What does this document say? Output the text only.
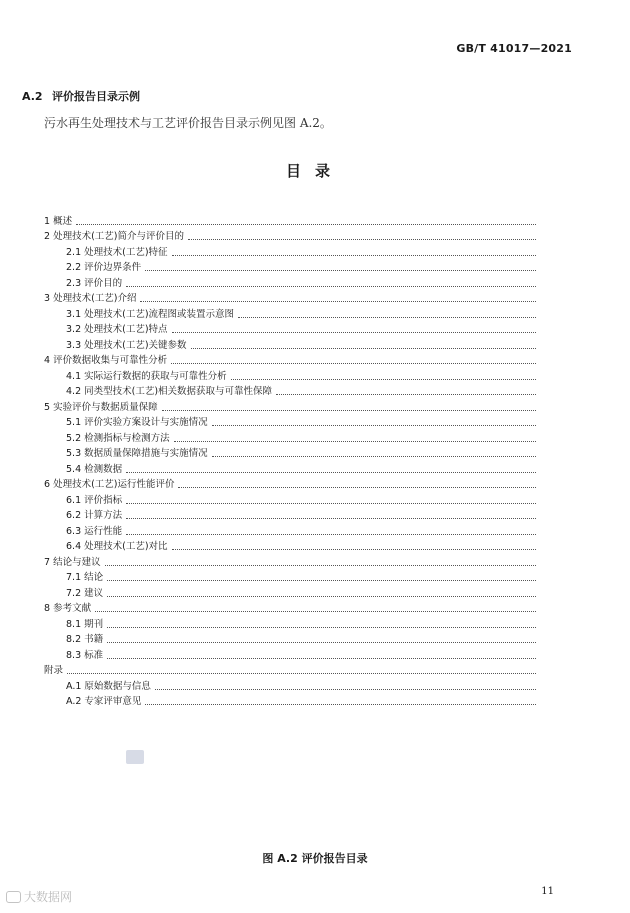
GB/T 41017—2021
A.2 评价报告目录示例
污水再生处理技术与工艺评价报告目录示例见图 A.2。
目录
1 概述
2 处理技术(工艺)简介与评价目的
2.1 处理技术(工艺)特征
2.2 评价边界条件
2.3 评价目的
3 处理技术(工艺)介绍
3.1 处理技术(工艺)流程图或装置示意图
3.2 处理技术(工艺)特点
3.3 处理技术(工艺)关键参数
4 评价数据收集与可靠性分析
4.1 实际运行数据的获取与可靠性分析
4.2 同类型技术(工艺)相关数据获取与可靠性保障
5 实验评价与数据质量保障
5.1 评价实验方案设计与实施情况
5.2 检测指标与检测方法
5.3 数据质量保障措施与实施情况
5.4 检测数据
6 处理技术(工艺)运行性能评价
6.1 评价指标
6.2 计算方法
6.3 运行性能
6.4 处理技术(工艺)对比
7 结论与建议
7.1 结论
7.2 建议
8 参考文献
8.1 期刊
8.2 书籍
8.3 标准
附录
A.1 原始数据与信息
A.2 专家评审意见
图 A.2 评价报告目录
11
大数据网
